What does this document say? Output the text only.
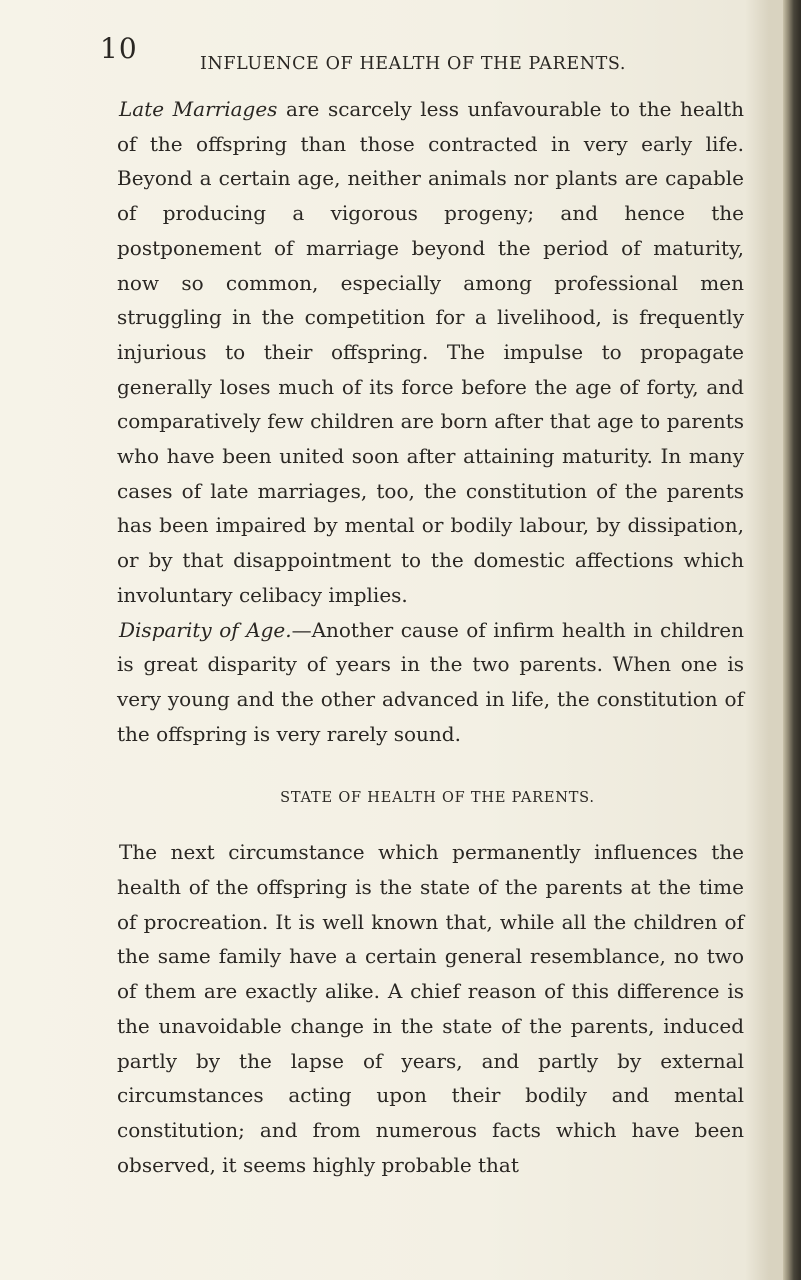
10	INFLUENCE OF HEALTH OF THE PARENTS.

Late Marriages are scarcely less unfavourable to the health of the offspring than those contracted in very early life. Beyond a certain age, neither animals nor plants are capable of producing a vigorous progeny; and hence the postponement of marriage beyond the period of maturity, now so common, especially among professional men struggling in the competition for a livelihood, is frequently injurious to their offspring. The impulse to propagate generally loses much of its force before the age of forty, and comparatively few children are born after that age to parents who have been united soon after attaining maturity. In many cases of late marriages, too, the constitution of the parents has been impaired by mental or bodily labour, by dissipation, or by that disappointment to the domestic affections which involuntary celibacy implies.

Disparity of Age.—Another cause of infirm health in children is great disparity of years in the two parents. When one is very young and the other advanced in life, the constitution of the offspring is very rarely sound.

STATE OF HEALTH OF THE PARENTS.

The next circumstance which permanently influences the health of the offspring is the state of the parents at the time of procreation. It is well known that, while all the children of the same family have a certain general resemblance, no two of them are exactly alike. A chief reason of this difference is the unavoidable change in the state of the parents, induced partly by the lapse of years, and partly by external circumstances acting upon their bodily and mental constitution; and from numerous facts which have been observed, it seems highly probable that
